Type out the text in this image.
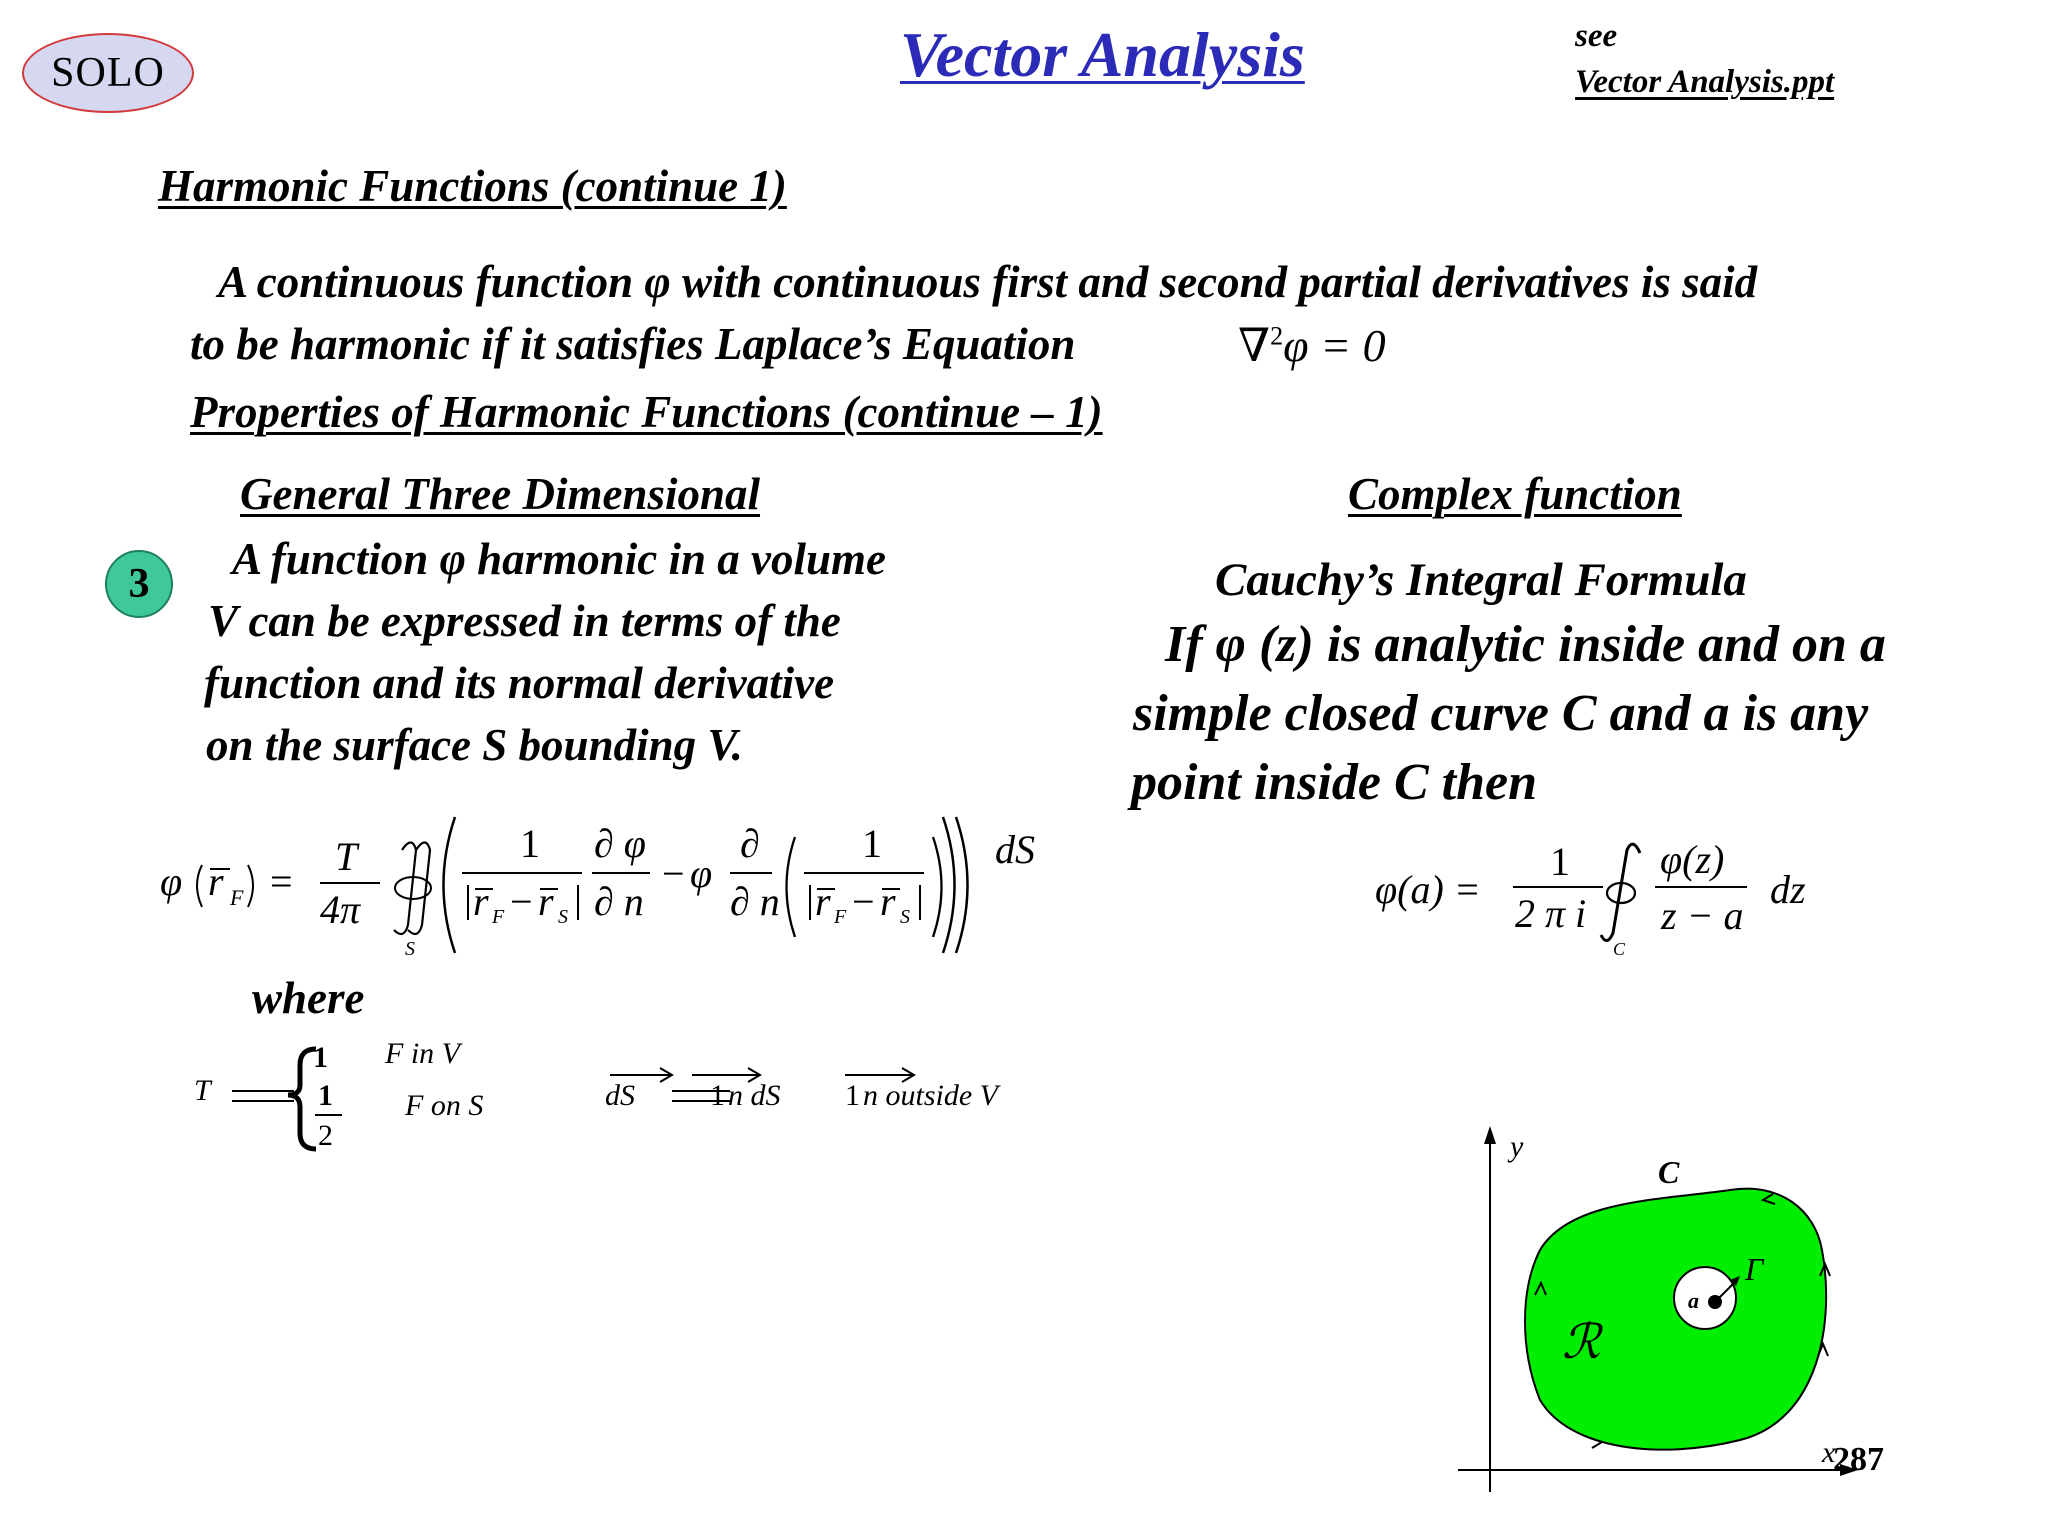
SOLO	Vector Analysis	see
Vector Analysis.ppt
Harmonic Functions (continue 1)
A continuous function φ with continuous first and second partial derivatives is said
to be harmonic if it satisfies Laplace’s Equation	∇$^2$φ = 0
Properties of Harmonic Functions (continue – 1)
General Three Dimensional	Complex function
3 A function φ harmonic in a volume
V can be expressed in terms of the
function and its normal derivative
on the surface S bounding V.
Cauchy’s Integral Formula
If φ (z) is analytic inside and on a
simple closed curve C and a is any
point inside C then
φ r F =
T
4π
S
1
r F − r S
∂ φ
∂ n
− φ
∂
∂ n
1
r F − r S
dS
T
1 F in V
1
2
F on S	dS	1 n dS 1 n outside V
where
φ(a) =
1
2 π i
C
φ(z)
z − a
dz
y
x
C
Γ
a
ℛ
287
